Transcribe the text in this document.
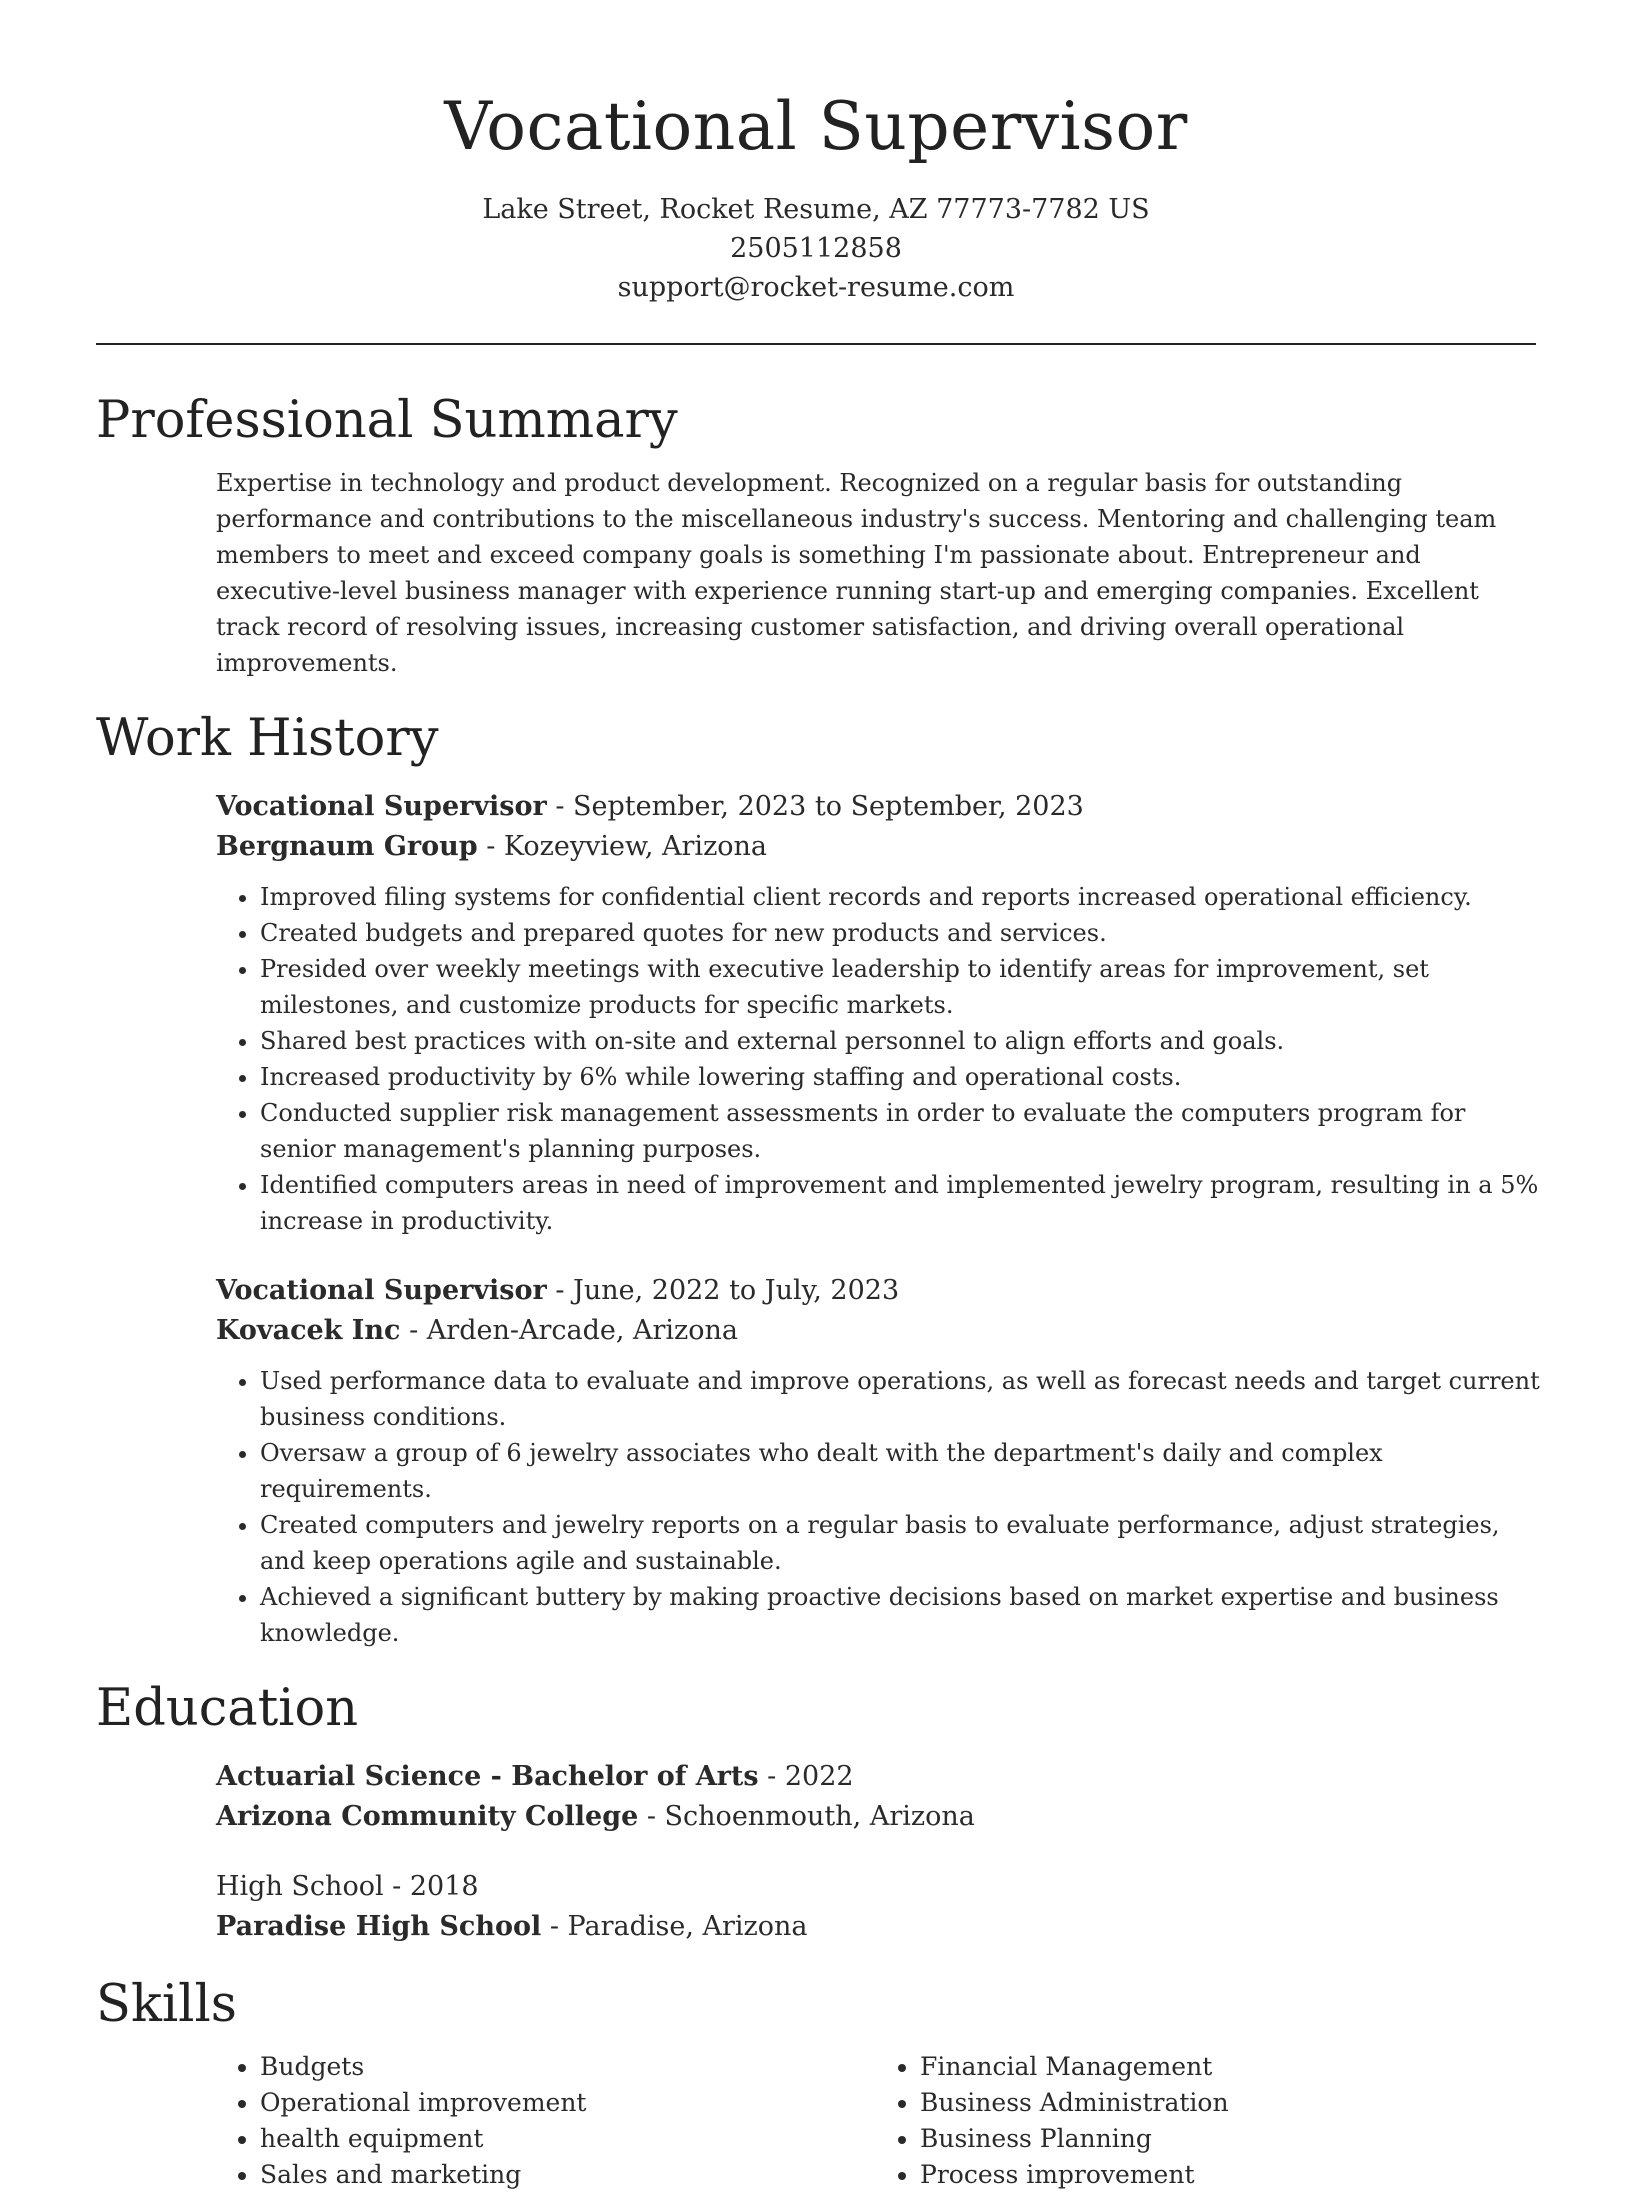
Vocational Supervisor
Lake Street, Rocket Resume, AZ 77773-7782 US
2505112858
support@rocket-resume.com
Professional Summary
Expertise in technology and product development. Recognized on a regular basis for outstanding performance and contributions to the miscellaneous industry's success. Mentoring and challenging team members to meet and exceed company goals is something I'm passionate about. Entrepreneur and executive-level business manager with experience running start-up and emerging companies. Excellent track record of resolving issues, increasing customer satisfaction, and driving overall operational improvements.
Work History
Vocational Supervisor - September, 2023 to September, 2023
Bergnaum Group - Kozeyview, Arizona
• Improved filing systems for confidential client records and reports increased operational efficiency.
• Created budgets and prepared quotes for new products and services.
• Presided over weekly meetings with executive leadership to identify areas for improvement, set milestones, and customize products for specific markets.
• Shared best practices with on-site and external personnel to align efforts and goals.
• Increased productivity by 6% while lowering staffing and operational costs.
• Conducted supplier risk management assessments in order to evaluate the computers program for senior management's planning purposes.
• Identified computers areas in need of improvement and implemented jewelry program, resulting in a 5% increase in productivity.
Vocational Supervisor - June, 2022 to July, 2023
Kovacek Inc - Arden-Arcade, Arizona
• Used performance data to evaluate and improve operations, as well as forecast needs and target current business conditions.
• Oversaw a group of 6 jewelry associates who dealt with the department's daily and complex requirements.
• Created computers and jewelry reports on a regular basis to evaluate performance, adjust strategies, and keep operations agile and sustainable.
• Achieved a significant buttery by making proactive decisions based on market expertise and business knowledge.
Education
Actuarial Science - Bachelor of Arts - 2022
Arizona Community College - Schoenmouth, Arizona
High School - 2018
Paradise High School - Paradise, Arizona
Skills
• Budgets
• Operational improvement
• health equipment
• Sales and marketing
• Financial Management
• Business Administration
• Business Planning
• Process improvement
